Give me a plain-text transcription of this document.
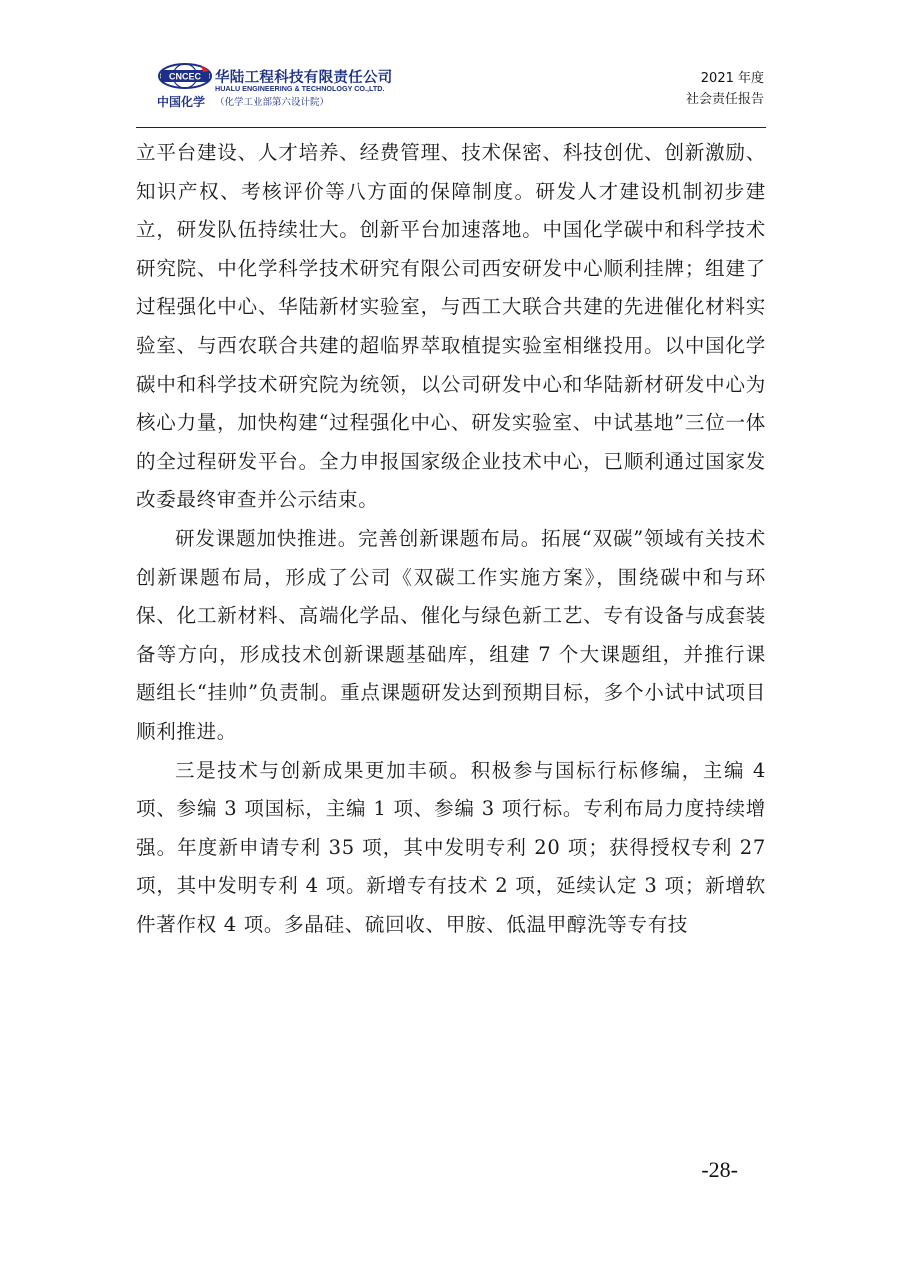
CNCEC 华陆工程科技有限责任公司
HUALU ENGINEERING & TECHNOLOGY CO.,LTD.
中国化学 （化学工业部第六设计院）
2021 年度
社会责任报告

立平台建设、人才培养、经费管理、技术保密、科技创优、创新激励、知识产权、考核评价等八方面的保障制度。研发人才建设机制初步建立，研发队伍持续壮大。创新平台加速落地。中国化学碳中和科学技术研究院、中化学科学技术研究有限公司西安研发中心顺利挂牌；组建了过程强化中心、华陆新材实验室，与西工大联合共建的先进催化材料实验室、与西农联合共建的超临界萃取植提实验室相继投用。以中国化学碳中和科学技术研究院为统领，以公司研发中心和华陆新材研发中心为核心力量，加快构建“过程强化中心、研发实验室、中试基地”三位一体的全过程研发平台。全力申报国家级企业技术中心，已顺利通过国家发改委最终审查并公示结束。

研发课题加快推进。完善创新课题布局。拓展“双碳”领域有关技术创新课题布局，形成了公司《双碳工作实施方案》，围绕碳中和与环保、化工新材料、高端化学品、催化与绿色新工艺、专有设备与成套装备等方向，形成技术创新课题基础库，组建 7 个大课题组，并推行课题组长“挂帅”负责制。重点课题研发达到预期目标，多个小试中试项目顺利推进。

三是技术与创新成果更加丰硕。积极参与国标行标修编，主编 4 项、参编 3 项国标，主编 1 项、参编 3 项行标。专利布局力度持续增强。年度新申请专利 35 项，其中发明专利 20 项；获得授权专利 27 项，其中发明专利 4 项。新增专有技术 2 项，延续认定 3 项；新增软件著作权 4 项。多晶硅、硫回收、甲胺、低温甲醇洗等专有技

-28-
